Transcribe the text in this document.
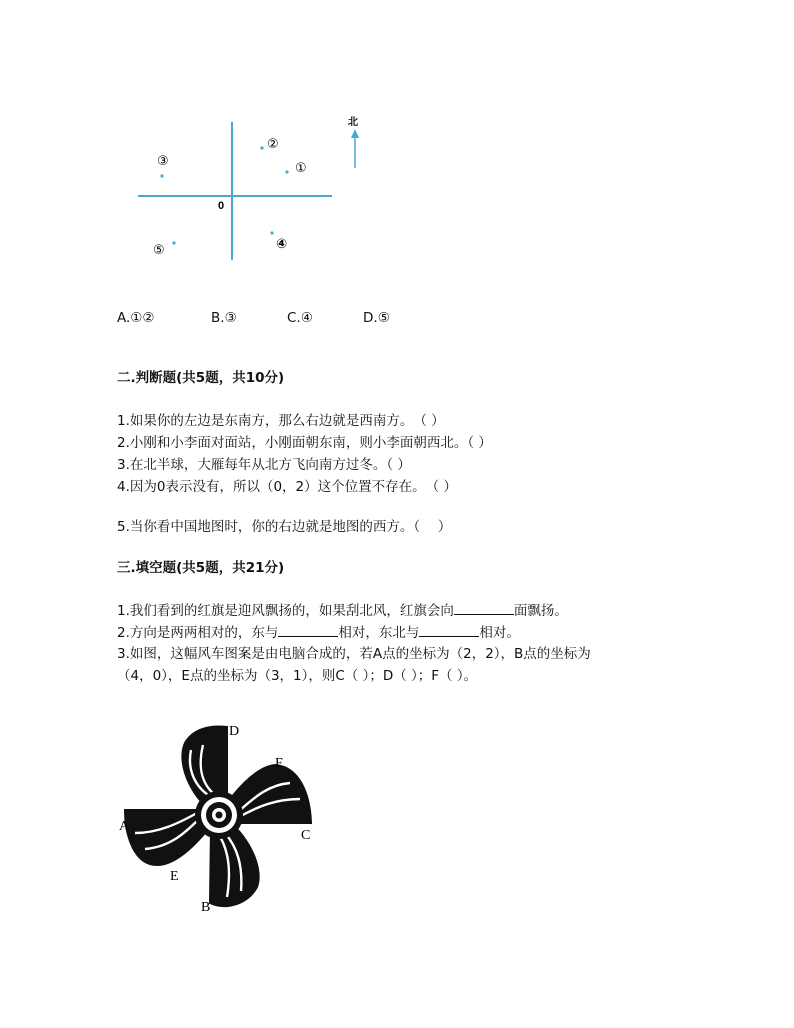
0
北
②
①
③
④
⑤
A.①②	B.③	C.④	D.⑤
二.判断题(共5题，共10分)
1.如果你的左边是东南方，那么右边就是西南方。　（ ）
2.小刚和小李面对面站，小刚面朝东南，则小李面朝西北。（ ）
3.在北半球，大雁每年从北方飞向南方过冬。（ ）
4.因为0表示没有，所以（0，2）这个位置不存在。　（ ）
5.当你看中国地图时，你的右边就是地图的西方。（　 ）
三.填空题(共5题，共21分)
1.我们看到的红旗是迎风飘扬的，如果刮北风，红旗会向	面飘扬。
2.方向是两两相对的，东与	相对，东北与	相对。
3.如图，这幅风车图案是由电脑合成的，若A点的坐标为（2，2），B点的坐标为
（4，0），E点的坐标为（3，1），则C（ ）；D（ ）；F（ ）。
A
B
C
D
E
F
